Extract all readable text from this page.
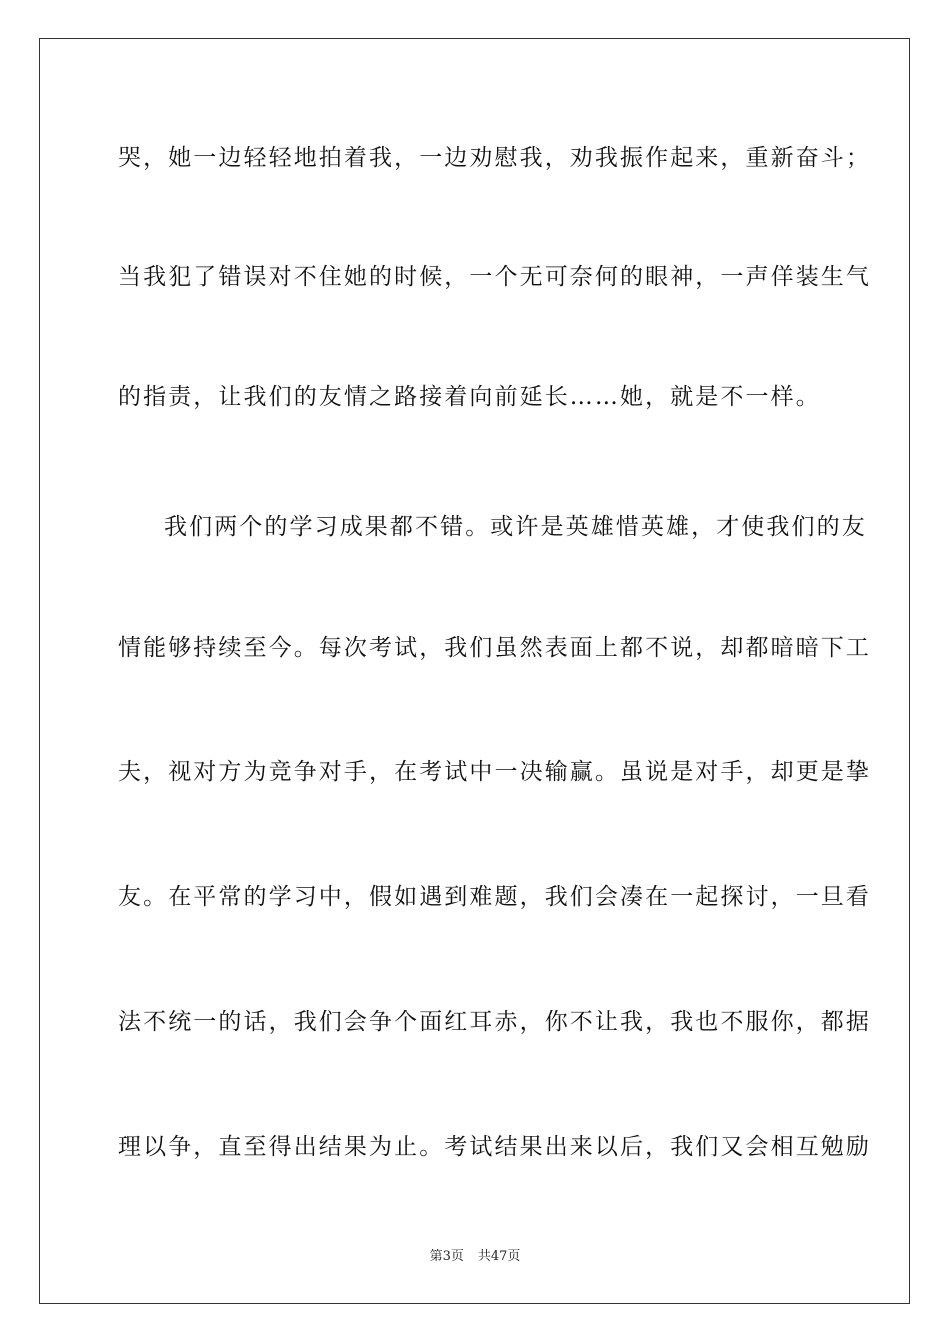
哭，她一边轻轻地拍着我，一边劝慰我，劝我振作起来，重新奋斗；
当我犯了错误对不住她的时候，一个无可奈何的眼神，一声佯装生气
的指责，让我们的友情之路接着向前延长……她，就是不一样。
我们两个的学习成果都不错。或许是英雄惜英雄，才使我们的友
情能够持续至今。每次考试，我们虽然表面上都不说，却都暗暗下工
夫，视对方为竞争对手，在考试中一决输赢。虽说是对手，却更是挚
友。在平常的学习中，假如遇到难题，我们会凑在一起探讨，一旦看
法不统一的话，我们会争个面红耳赤，你不让我，我也不服你，都据
理以争，直至得出结果为止。考试结果出来以后，我们又会相互勉励
第3页 共47页
